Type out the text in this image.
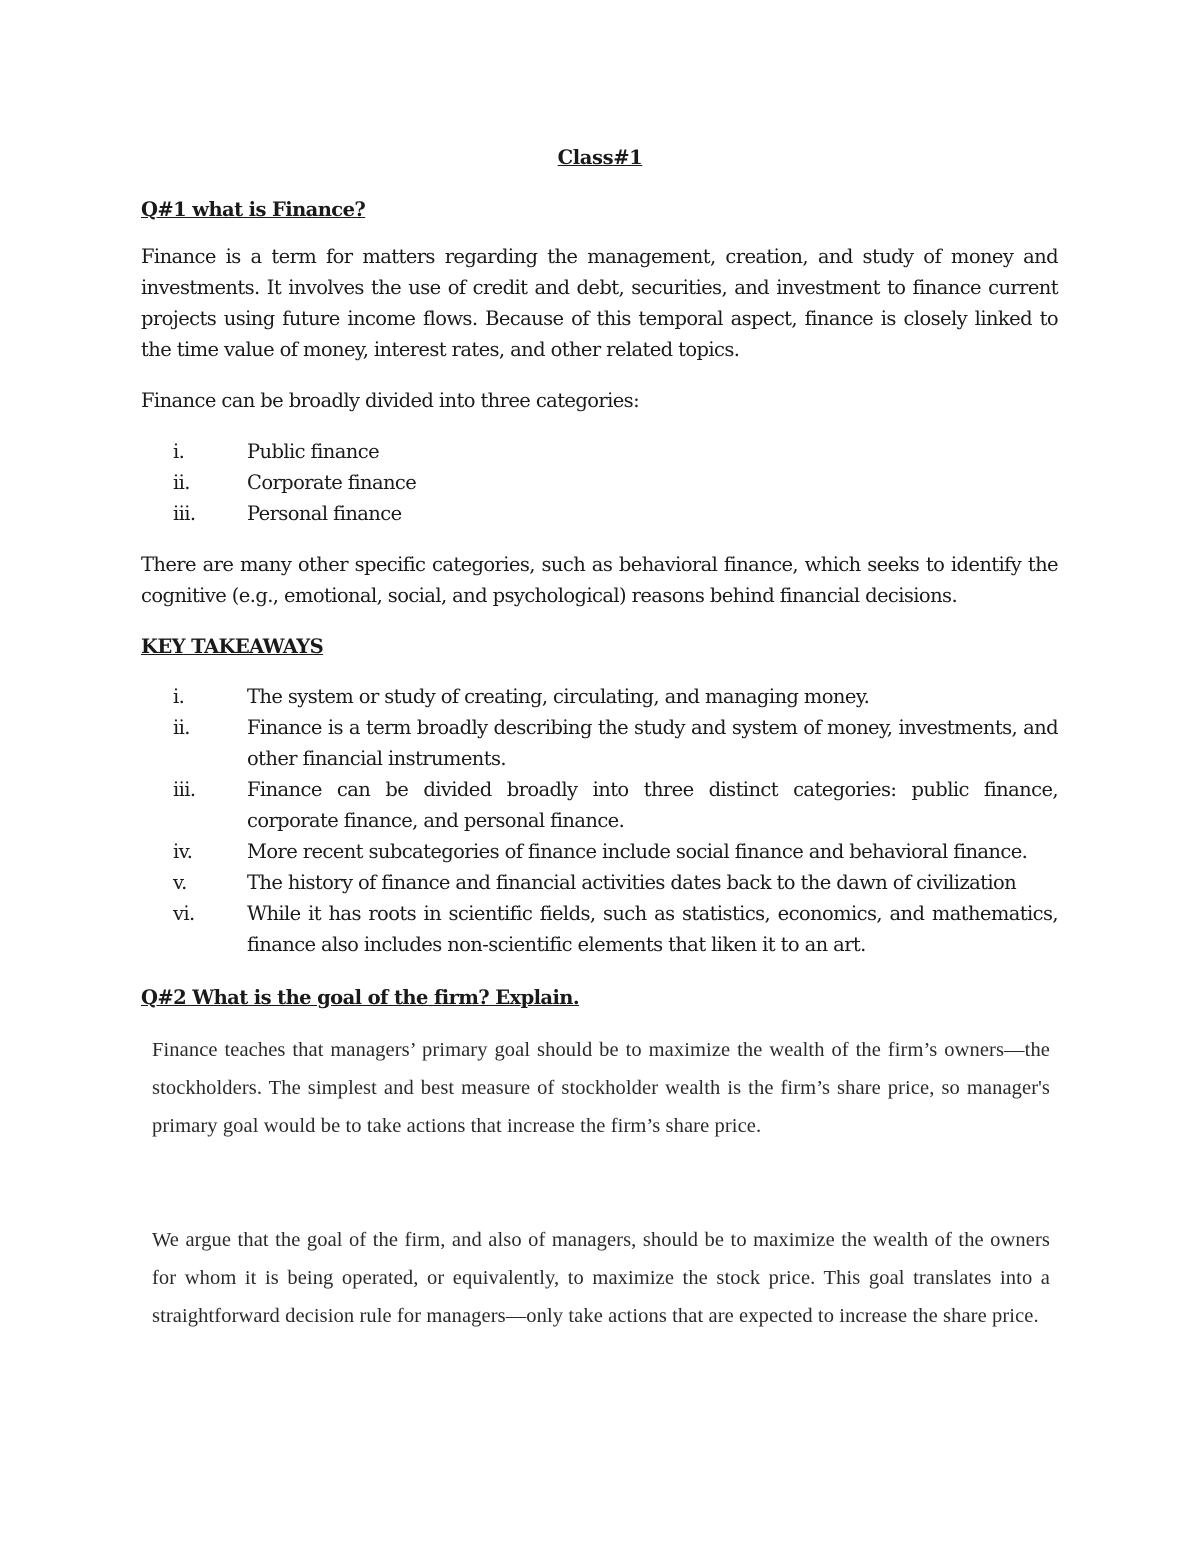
Class#1
Q#1 what is Finance?
Finance is a term for matters regarding the management, creation, and study of money and investments. It involves the use of credit and debt, securities, and investment to finance current projects using future income flows. Because of this temporal aspect, finance is closely linked to the time value of money, interest rates, and other related topics.
Finance can be broadly divided into three categories:
i.	Public finance
ii.	Corporate finance
iii.	Personal finance
There are many other specific categories, such as behavioral finance, which seeks to identify the cognitive (e.g., emotional, social, and psychological) reasons behind financial decisions.
KEY TAKEAWAYS
i.	The system or study of creating, circulating, and managing money.
ii.	Finance is a term broadly describing the study and system of money, investments, and other financial instruments.
iii.	Finance can be divided broadly into three distinct categories: public finance, corporate finance, and personal finance.
iv.	More recent subcategories of finance include social finance and behavioral finance.
v.	The history of finance and financial activities dates back to the dawn of civilization
vi.	While it has roots in scientific fields, such as statistics, economics, and mathematics, finance also includes non-scientific elements that liken it to an art.
Q#2 What is the goal of the firm? Explain.
Finance teaches that managers’ primary goal should be to maximize the wealth of the firm’s owners—the stockholders. The simplest and best measure of stockholder wealth is the firm’s share price, so manager's primary goal would be to take actions that increase the firm’s share price.
We argue that the goal of the firm, and also of managers, should be to maximize the wealth of the owners for whom it is being operated, or equivalently, to maximize the stock price. This goal translates into a straightforward decision rule for managers—only take actions that are expected to increase the share price.
